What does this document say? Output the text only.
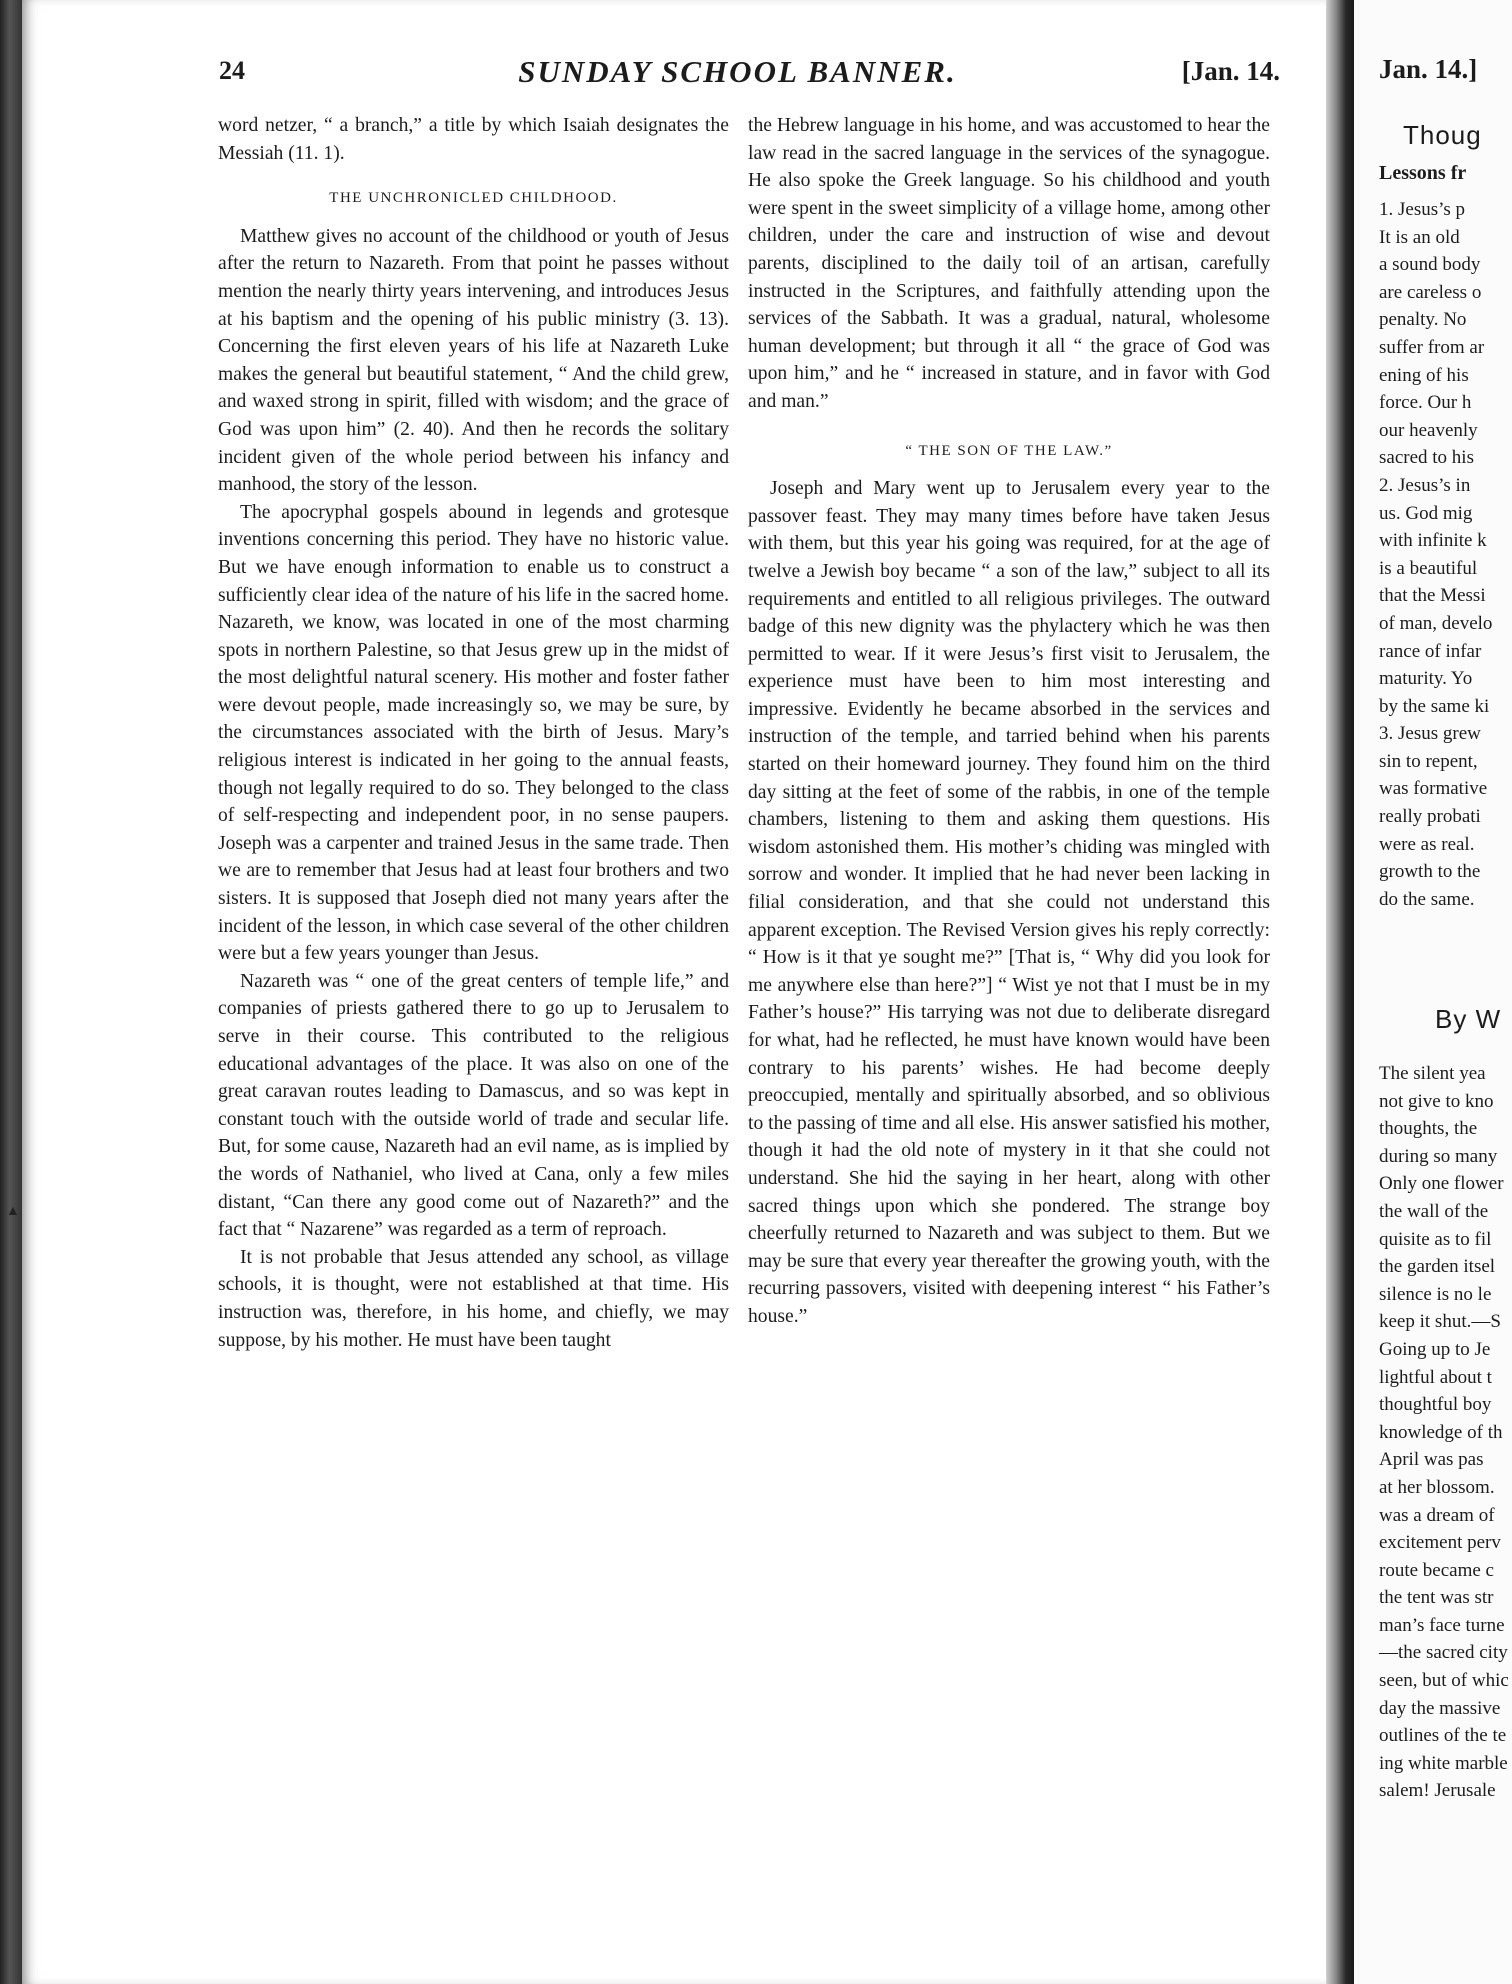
▲
24	SUNDAY SCHOOL BANNER.	[Jan. 14.

word netzer, “ a branch,” a title by which Isaiah designates the Messiah (11. 1).

THE UNCHRONICLED CHILDHOOD.

Matthew gives no account of the childhood or youth of Jesus after the return to Nazareth. From that point he passes without mention the nearly thirty years intervening, and introduces Jesus at his baptism and the opening of his public ministry (3. 13). Concerning the first eleven years of his life at Nazareth Luke makes the general but beautiful statement, “ And the child grew, and waxed strong in spirit, filled with wisdom; and the grace of God was upon him” (2. 40). And then he records the solitary incident given of the whole period between his infancy and manhood, the story of the lesson.

The apocryphal gospels abound in legends and grotesque inventions concerning this period. They have no historic value. But we have enough information to enable us to construct a sufficiently clear idea of the nature of his life in the sacred home. Nazareth, we know, was located in one of the most charming spots in northern Palestine, so that Jesus grew up in the midst of the most delightful natural scenery. His mother and foster father were devout people, made increasingly so, we may be sure, by the circumstances associated with the birth of Jesus. Mary’s religious interest is indicated in her going to the annual feasts, though not legally required to do so. They belonged to the class of self-respecting and independent poor, in no sense paupers. Joseph was a carpenter and trained Jesus in the same trade. Then we are to remember that Jesus had at least four brothers and two sisters. It is supposed that Joseph died not many years after the incident of the lesson, in which case several of the other children were but a few years younger than Jesus.

Nazareth was “ one of the great centers of temple life,” and companies of priests gathered there to go up to Jerusalem to serve in their course. This contributed to the religious educational advantages of the place. It was also on one of the great caravan routes leading to Damascus, and so was kept in constant touch with the outside world of trade and secular life. But, for some cause, Nazareth had an evil name, as is implied by the words of Nathaniel, who lived at Cana, only a few miles distant, “Can there any good come out of Nazareth?” and the fact that “ Nazarene” was regarded as a term of reproach.

It is not probable that Jesus attended any school, as village schools, it is thought, were not established at that time. His instruction was, therefore, in his home, and chiefly, we may suppose, by his mother. He must have been taught

the Hebrew language in his home, and was accustomed to hear the law read in the sacred language in the services of the synagogue. He also spoke the Greek language. So his childhood and youth were spent in the sweet simplicity of a village home, among other children, under the care and instruction of wise and devout parents, disciplined to the daily toil of an artisan, carefully instructed in the Scriptures, and faithfully attending upon the services of the Sabbath. It was a gradual, natural, wholesome human development; but through it all “ the grace of God was upon him,” and he “ increased in stature, and in favor with God and man.”

“ THE SON OF THE LAW.”

Joseph and Mary went up to Jerusalem every year to the passover feast. They may many times before have taken Jesus with them, but this year his going was required, for at the age of twelve a Jewish boy became “ a son of the law,” subject to all its requirements and entitled to all religious privileges. The outward badge of this new dignity was the phylactery which he was then permitted to wear. If it were Jesus’s first visit to Jerusalem, the experience must have been to him most interesting and impressive. Evidently he became absorbed in the services and instruction of the temple, and tarried behind when his parents started on their homeward journey. They found him on the third day sitting at the feet of some of the rabbis, in one of the temple chambers, listening to them and asking them questions. His wisdom astonished them. His mother’s chiding was mingled with sorrow and wonder. It implied that he had never been lacking in filial consideration, and that she could not understand this apparent exception. The Revised Version gives his reply correctly: “ How is it that ye sought me?” [That is, “ Why did you look for me anywhere else than here?”] “ Wist ye not that I must be in my Father’s house?” His tarrying was not due to deliberate disregard for what, had he reflected, he must have known would have been contrary to his parents’ wishes. He had become deeply preoccupied, mentally and spiritually absorbed, and so oblivious to the passing of time and all else. His answer satisfied his mother, though it had the old note of mystery in it that she could not understand. She hid the saying in her heart, along with other sacred things upon which she pondered. The strange boy cheerfully returned to Nazareth and was subject to them. But we may be sure that every year thereafter the growing youth, with the recurring passovers, visited with deepening interest “ his Father’s house.”

Jan. 14.]
Thoug
Lessons fr
1. Jesus’s p
It is an old
a sound body
are careless o
penalty. No
suffer from ar
ening of his
force. Our h
our heavenly
sacred to his
2. Jesus’s in
us. God mig
with infinite k
is a beautiful
that the Messi
of man, develo
rance of infar
maturity. Yo
by the same ki
3. Jesus grew
sin to repent,
was formative
really probati
were as real.
growth to the
do the same.
By W
The silent yea
not give to kno
thoughts, the
during so many
Only one flower
the wall of the
quisite as to fil
the garden itsel
silence is no le
keep it shut.—S
Going up to Je
lightful about t
thoughtful boy
knowledge of th
April was pas
at her blossom.
was a dream of
excitement perv
route became c
the tent was str
man’s face turne
—the sacred city
seen, but of whic
day the massive
outlines of the te
ing white marble
salem! Jerusale
